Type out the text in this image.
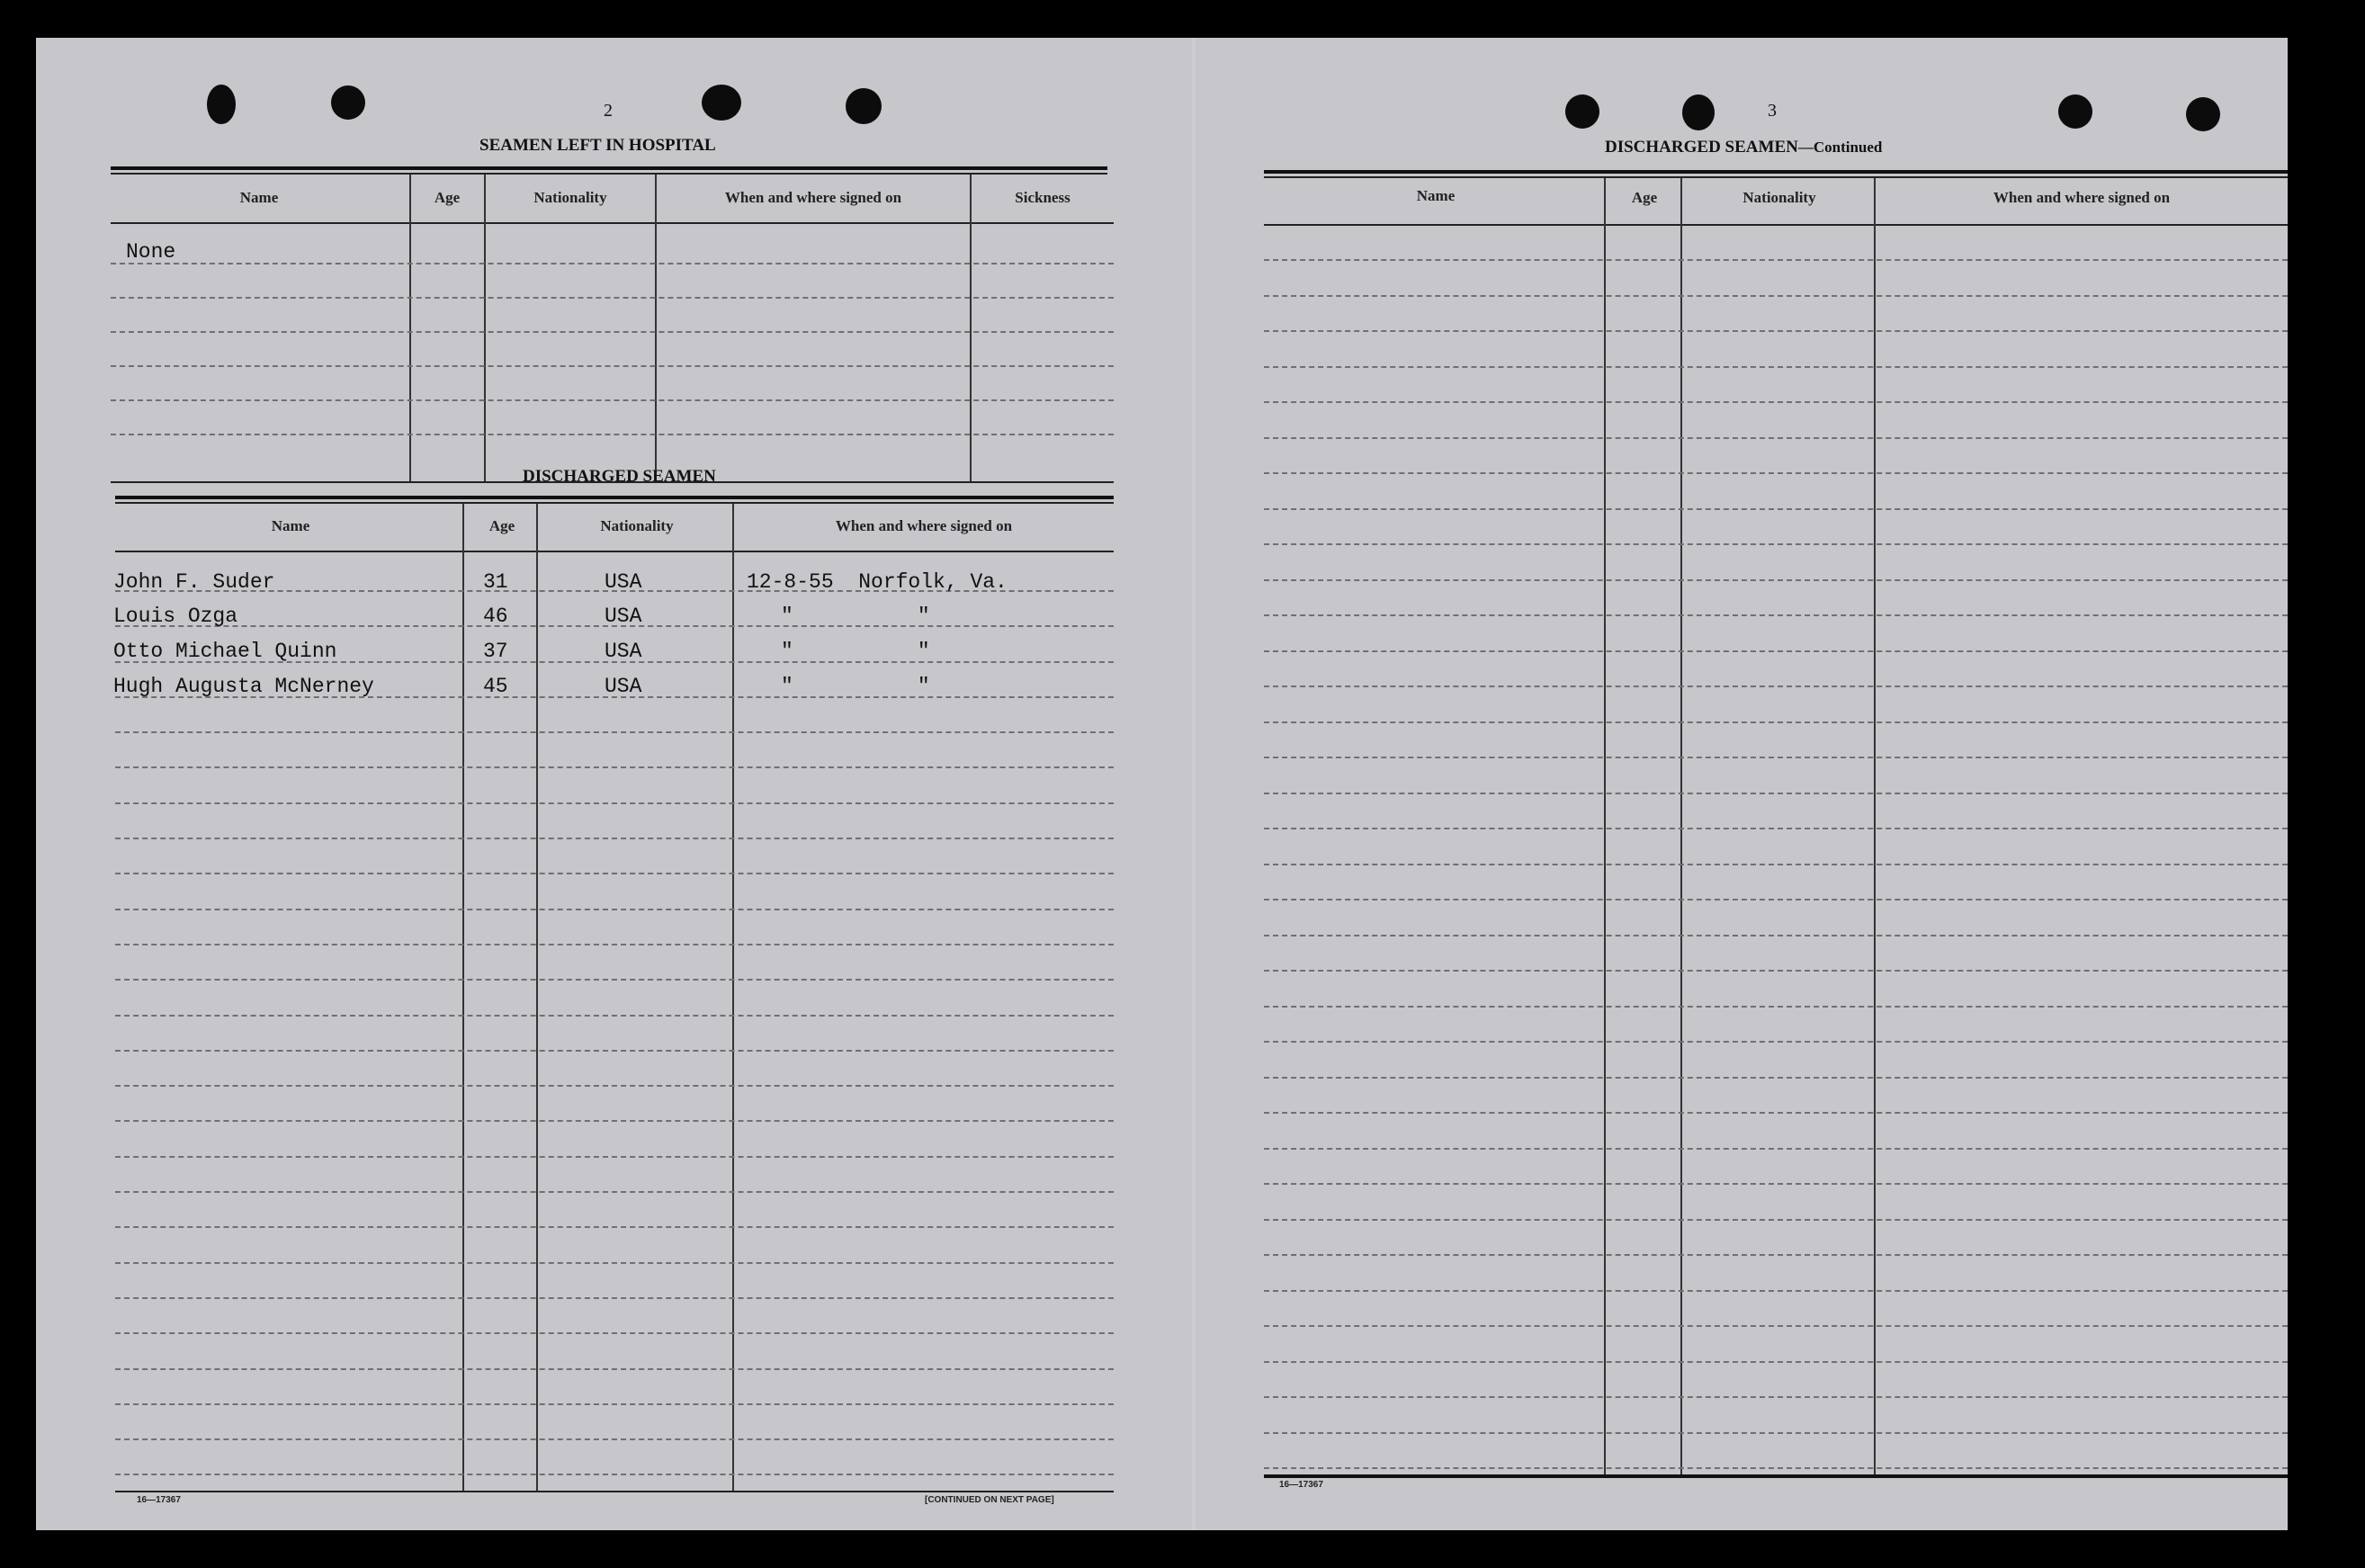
2	3
SEAMEN LEFT IN HOSPITAL
Name	Age	Nationality	When and where signed on	Sickness
None
DISCHARGED SEAMEN
Name	Age	Nationality	When and where signed on
John F. Suder	31	USA	12-8-55  Norfolk, Va.
Louis Ozga	46	USA	"          "
Otto Michael Quinn	37	USA	"          "
Hugh Augusta McNerney	45	USA	"          "
16—17367	[CONTINUED ON NEXT PAGE]
DISCHARGED SEAMEN—Continued
Name	Age	Nationality	When and where signed on
16—17367
